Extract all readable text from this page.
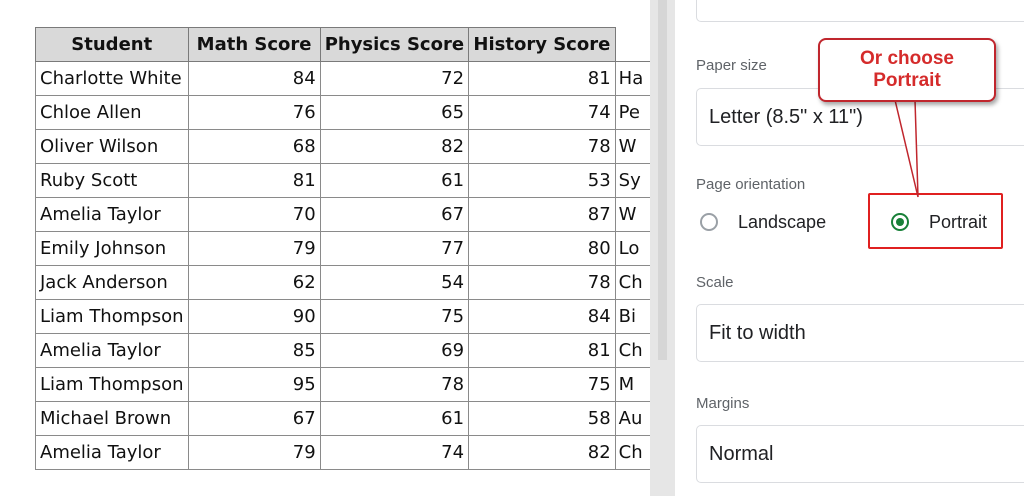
Student	Math Score	Physics Score	History Score	
Charlotte White	84	72	81	Ha
Chloe Allen	76	65	74	Pe
Oliver Wilson	68	82	78	W
Ruby Scott	81	61	53	Sy
Amelia Taylor	70	67	87	W
Emily Johnson	79	77	80	Lo
Jack Anderson	62	54	78	Ch
Liam Thompson	90	75	84	Bi
Amelia Taylor	85	69	81	Ch
Liam Thompson	95	78	75	M
Michael Brown	67	61	58	Au
Amelia Taylor	79	74	82	Ch
Paper size
Letter (8.5" x 11")
Page orientation
Landscape	Portrait
Scale
Fit to width
Margins
Normal
Or choose
Portrait
